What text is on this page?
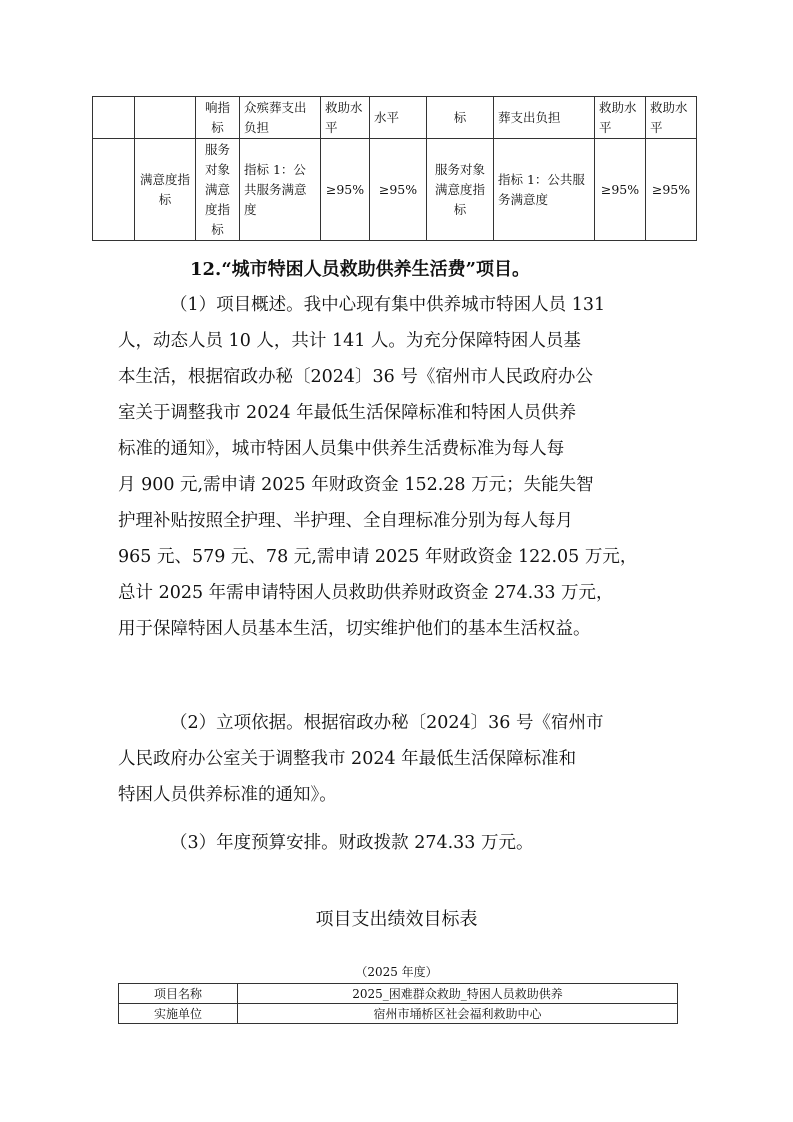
		响指标	众殡葬支出负担	救助水平	水平	标	葬支出负担	救助水平	救助水平
	满意度指标	服务对象满意度指标	指标 1：公共服务满意度	≥95%	≥95%	服务对象满意度指标	指标 1：公共服务满意度	≥95%	≥95%
12.“城市特困人员救助供养生活费”项目。
（1）项目概述。我中心现有集中供养城市特困人员 131
人，动态人员 10 人，共计 141 人。为充分保障特困人员基
本生活，根据宿政办秘〔2024〕36 号《宿州市人民政府办公
室关于调整我市 2024 年最低生活保障标准和特困人员供养
标准的通知》，城市特困人员集中供养生活费标准为每人每
月 900 元,需申请 2025 年财政资金 152.28 万元；失能失智
护理补贴按照全护理、半护理、全自理标准分别为每人每月
965 元、579 元、78 元,需申请 2025 年财政资金 122.05 万元，
总计 2025 年需申请特困人员救助供养财政资金 274.33 万元，
用于保障特困人员基本生活，切实维护他们的基本生活权益。
（2）立项依据。根据宿政办秘〔2024〕36 号《宿州市
人民政府办公室关于调整我市 2024 年最低生活保障标准和
特困人员供养标准的通知》。
（3）年度预算安排。财政拨款 274.33 万元。
项目支出绩效目标表
（2025 年度）
项目名称	2025_困难群众救助_特困人员救助供养
实施单位	宿州市埇桥区社会福利救助中心
